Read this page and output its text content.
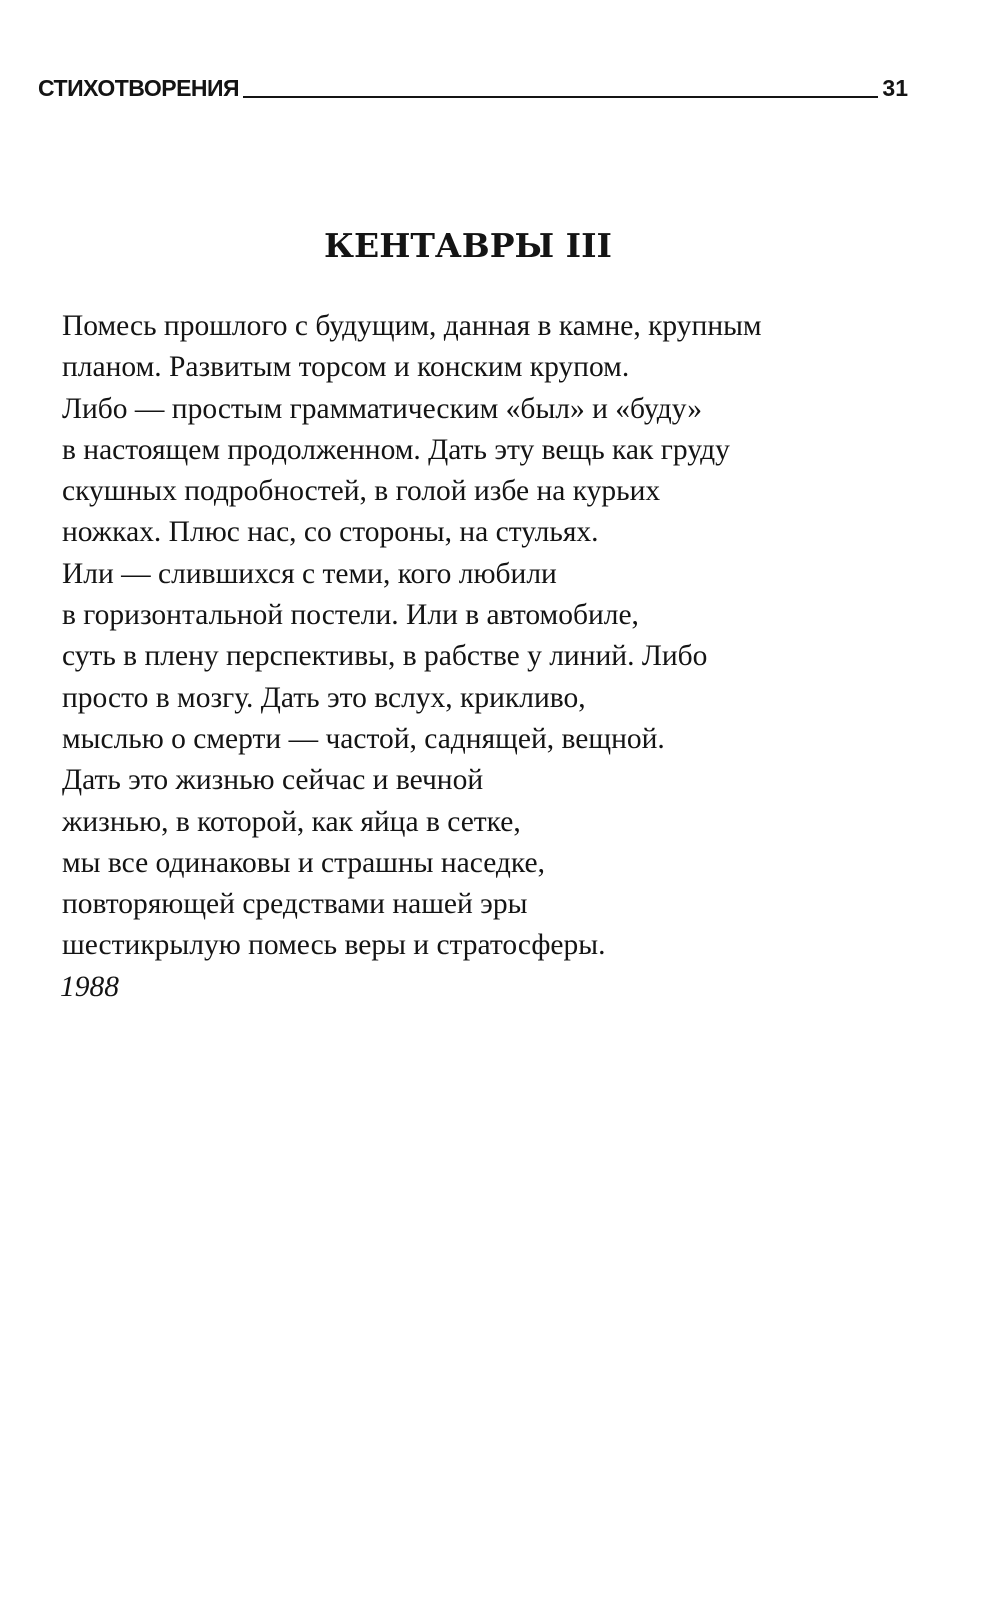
СТИХОТВОРЕНИЯ	31
КЕНТАВРЫ III
Помесь прошлого с будущим, данная в камне, крупным
планом. Развитым торсом и конским крупом.
Либо — простым грамматическим «был» и «буду»
в настоящем продолженном. Дать эту вещь как груду
скушных подробностей, в голой избе на курьих
ножках. Плюс нас, со стороны, на стульях.
Или — слившихся с теми, кого любили
в горизонтальной постели. Или в автомобиле,
суть в плену перспективы, в рабстве у линий. Либо
просто в мозгу. Дать это вслух, крикливо,
мыслью о смерти — частой, саднящей, вещной.
Дать это жизнью сейчас и вечной
жизнью, в которой, как яйца в сетке,
мы все одинаковы и страшны наседке,
повторяющей средствами нашей эры
шестикрылую помесь веры и стратосферы.
1988
